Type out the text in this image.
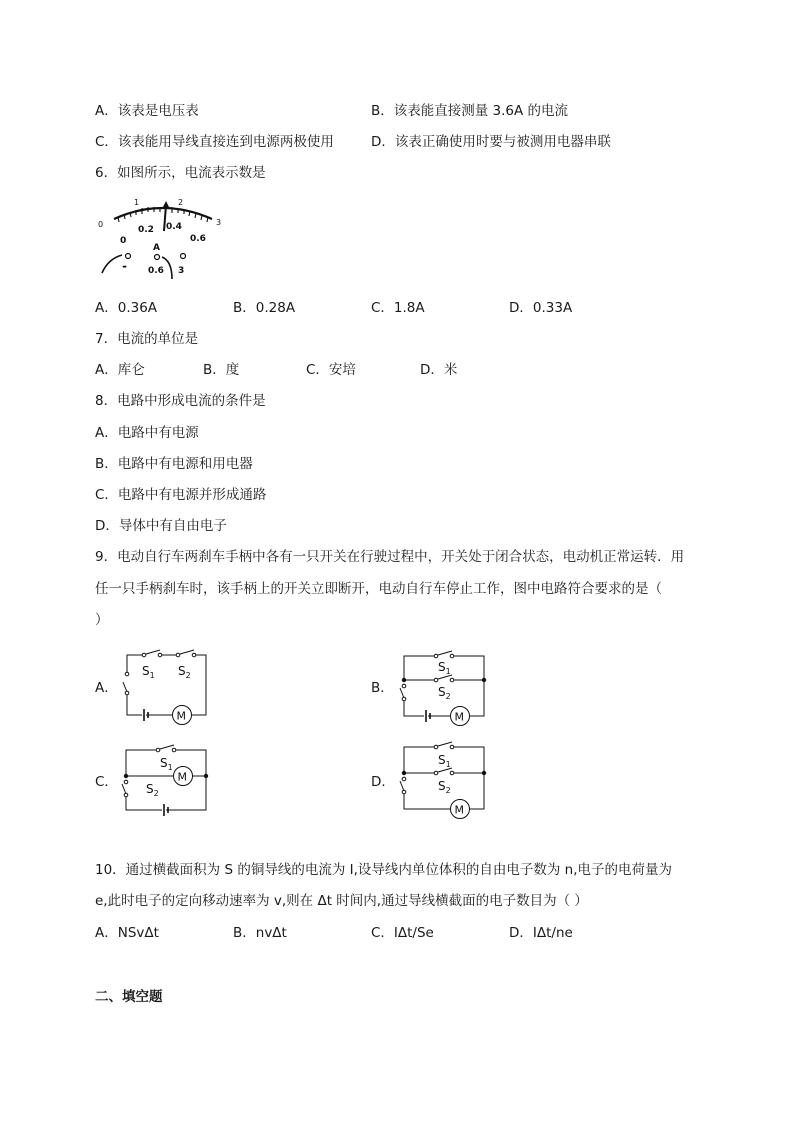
A．该表是电压表	B．该表能直接测量 3.6A 的电流
C．该表能用导线直接连到电源两极使用	D．该表正确使用时要与被测用电器串联
6．如图所示，电流表示数是
0
1	2
3
0
0.2 0.4
0.6
A
- 0.6 3
A．0.36A	B．0.28A	C．1.8A	D．0.33A
7．电流的单位是
A．库仑	B．度	C．安培	D．米
8．电路中形成电流的条件是
A．电路中有电源
B．电路中有电源和用电器
C．电路中有电源并形成通路
D．导体中有自由电子
9．电动自行车两刹车手柄中各有一只开关在行驶过程中，开关处于闭合状态，电动机正常运转．用
任一只手柄刹车时，该手柄上的开关立即断开，电动自行车停止工作，图中电路符合要求的是（
）
A．	B．
C．	D．
M
$S_1$ $S_2$
M
$S_1$
$S_2$
M
$S_1$
$S_2$
M
$S_1$
$S_2$
10．通过横截面积为 S 的铜导线的电流为 I,设导线内单位体积的自由电子数为 n,电子的电荷量为
e,此时电子的定向移动速率为 v,则在 Δt 时间内,通过导线横截面的电子数目为（ ）
A．NSvΔt	B．nvΔt	C．IΔt/Se	D．IΔt/ne
二、填空题
